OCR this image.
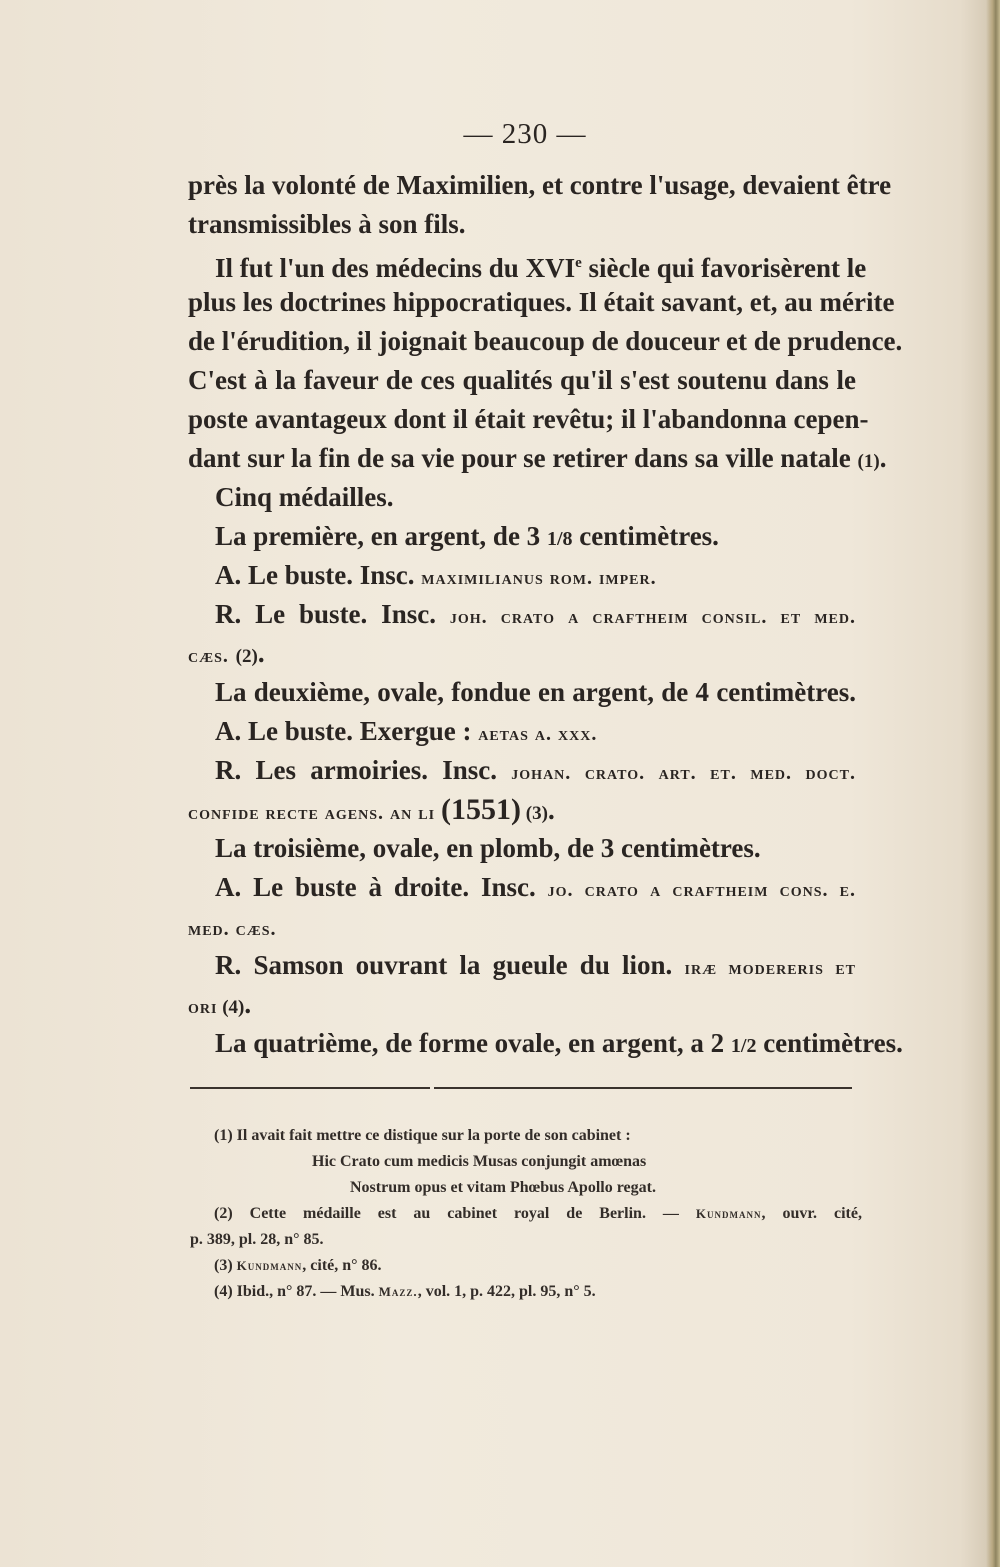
— 230 —
près la volonté de Maximilien, et contre l'usage, devaient être
transmissibles à son fils.
Il fut l'un des médecins du XVIe siècle qui favorisèrent le
plus les doctrines hippocratiques. Il était savant, et, au mérite
de l'érudition, il joignait beaucoup de douceur et de prudence.
C'est à la faveur de ces qualités qu'il s'est soutenu dans le
poste avantageux dont il était revêtu; il l'abandonna cepen-
dant sur la fin de sa vie pour se retirer dans sa ville natale (1).
Cinq médailles.
La première, en argent, de 3 1/8 centimètres.
A. Le buste. Insc. maximilianus rom. imper.
R. Le buste. Insc. joh. crato a craftheim consil. et med.
cæs. (2).
La deuxième, ovale, fondue en argent, de 4 centimètres.
A. Le buste. Exergue : aetas a. xxx.
R. Les armoiries. Insc. johan. crato. art. et. med. doct.
confide recte agens. an li (1551) (3).
La troisième, ovale, en plomb, de 3 centimètres.
A. Le buste à droite. Insc. jo. crato a craftheim cons. e.
med. cæs.
R. Samson ouvrant la gueule du lion. iræ modereris et
ori (4).
La quatrième, de forme ovale, en argent, a 2 1/2 centimètres.
(1) Il avait fait mettre ce distique sur la porte de son cabinet :
Hic Crato cum medicis Musas conjungit amœnas
Nostrum opus et vitam Phœbus Apollo regat.
(2) Cette médaille est au cabinet royal de Berlin. — Kundmann, ouvr. cité,
p. 389, pl. 28, n° 85.
(3) Kundmann, cité, n° 86.
(4) Ibid., n° 87. — Mus. Mazz., vol. 1, p. 422, pl. 95, n° 5.
